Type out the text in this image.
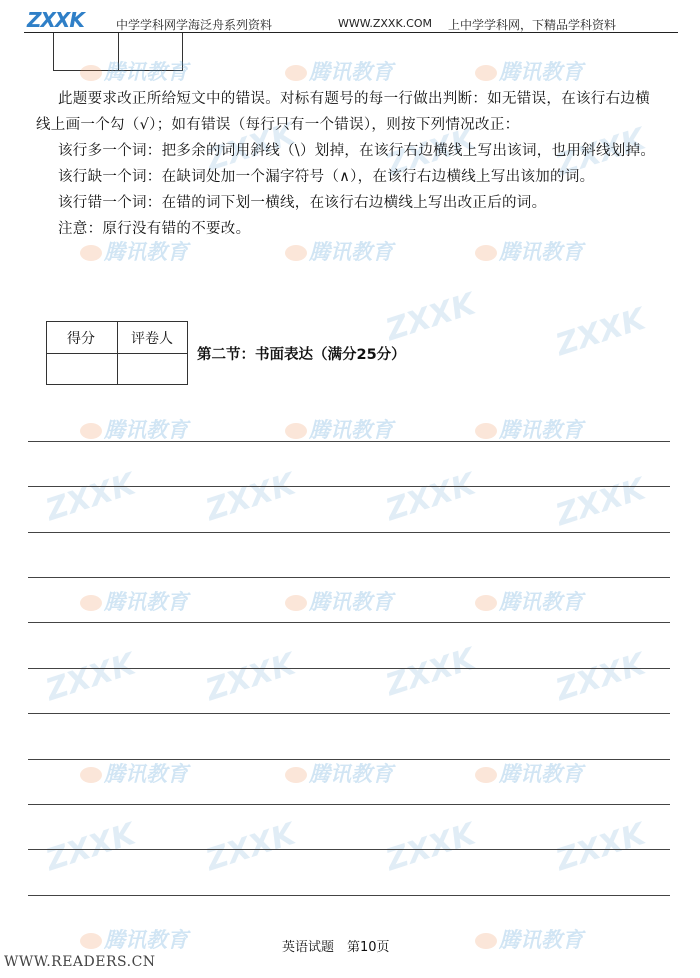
ZXXK	中学学科网学海泛舟系列资料	WWW.ZXXK.COM 上中学学科网，下精品学科资料
腾讯教育	腾讯教育	腾讯教育
腾讯教育	腾讯教育	腾讯教育
腾讯教育	腾讯教育	腾讯教育
腾讯教育	腾讯教育	腾讯教育
腾讯教育	腾讯教育	腾讯教育
腾讯教育	腾讯教育
ZXXK	ZXXK ZXXK
ZXXK ZXXK
ZXXK ZXXK	ZXXK ZXXK
ZXXK ZXXK	ZXXK ZXXK
ZXXK ZXXK	ZXXK ZXXK
此题要求改正所给短文中的错误。对标有题号的每一行做出判断：如无错误，在该行右边横
线上画一个勾（√）；如有错误（每行只有一个错误），则按下列情况改正：
该行多一个词：把多余的词用斜线（\）划掉，在该行右边横线上写出该词，也用斜线划掉。
该行缺一个词：在缺词处加一个漏字符号（∧），在该行右边横线上写出该加的词。
该行错一个词：在错的词下划一横线，在该行右边横线上写出改正后的词。
注意：原行没有错的不要改。
得分	评卷人
第二节：书面表达（满分25分）
英语试题　第10页
WWW.READERS.CN
